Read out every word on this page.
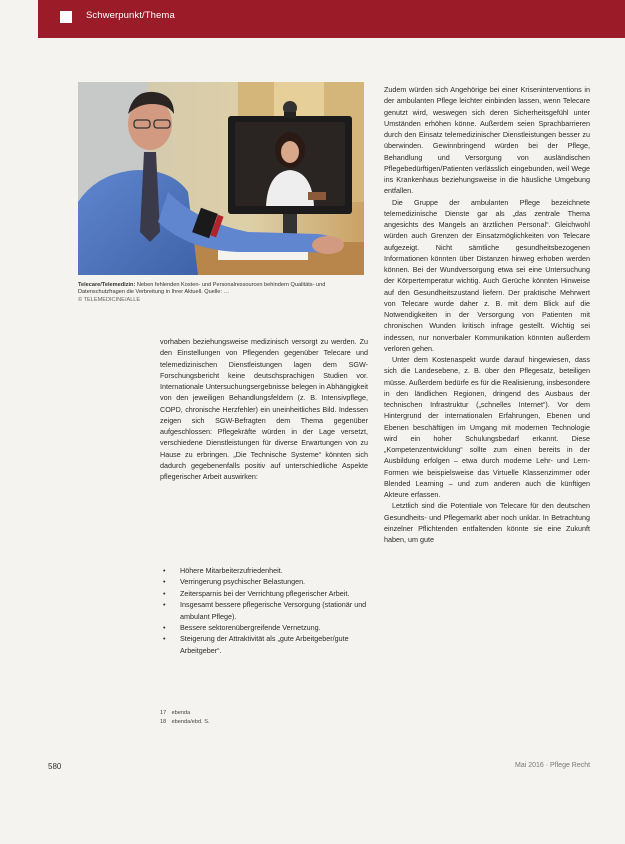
Schwerpunkt/Thema
Telecare/Telemedizin: Neben fehlenden Kosten- und Personalressourcen behindern Qualitäts- und Datenschutzfragen die Verbreitung in Ihrer Aktuell. Quelle: …
© TELEMEDICINE/ALLE

vorhaben beziehungsweise medizinisch versorgt zu werden. Zu den Einstellungen von Pflegenden gegenüber Telecare und telemedizinischen Dienstleistungen lagen dem SGW-Forschungsbericht keine deutschsprachigen Studien vor. Internationale Untersuchungsergebnisse belegen in Abhängigkeit von den jeweiligen Behandlungsfeldern (z. B. Intensivpflege, COPD, chronische Herzfehler) ein uneinheitliches Bild. Indessen zeigen sich SGW-Befragten dem Thema gegenüber aufgeschlossen: Pflegekräfte würden in der Lage versetzt, verschiedene Dienstleistungen für diverse Erwartungen von zu Hause zu erbringen. „Die Technische Systeme“ könnten sich dadurch gegebenenfalls positiv auf unterschiedliche Aspekte pflegerischer Arbeit auswirken:

• Höhere Mitarbeiterzufriedenheit.
• Verringerung psychischer Belastungen.
• Zeitersparnis bei der Verrichtung pflegerischer Arbeit.
• Insgesamt bessere pflegerische Versorgung (stationär und ambulant Pflege).
• Bessere sektorenübergreifende Vernetzung.
• Steigerung der Attraktivität als „gute Arbeitgeber/gute Arbeitgeber“.
17 ebenda
18 ebenda/ebd. S.

Zudem würden sich Angehörige bei einer Kriseninterventions in der ambulanten Pflege leichter einbinden lassen, wenn Telecare genutzt wird, weswegen sich deren Sicherheitsgefühl unter Umständen erhöhen könne. Außerdem seien Sprachbarrieren durch den Einsatz telemedizinischer Dienstleistungen besser zu überwinden. Gewinnbringend würden bei der Pflege, Behandlung und Versorgung von ausländischen Pflegebedürftigen/Patienten verlässlich eingebunden, weil Wege ins Krankenhaus beziehungsweise in die häusliche Umgebung entfallen.

Die Gruppe der ambulanten Pflege bezeichnete telemedizinische Dienste gar als „das zentrale Thema angesichts des Mangels an ärztlichen Personal“. Gleichwohl würden auch Grenzen der Einsatzmöglichkeiten von Telecare aufgezeigt. Nicht sämtliche gesundheitsbezogenen Informationen könnten über Distanzen hinweg erhoben werden können. Bei der Wundversorgung etwa sei eine Untersuchung der Körpertemperatur wichtig. Auch Gerüche könnten Hinweise auf den Gesundheitszustand liefern. Der praktische Mehrwert von Telecare wurde daher z. B. mit dem Blick auf die Notwendigkeiten in der Versorgung von Patienten mit chronischen Wunden kritisch infrage gestellt. Wichtig sei indessen, nur nonverbaler Kommunikation könnten außerdem verloren gehen.

Unter dem Kostenaspekt wurde darauf hingewiesen, dass sich die Landesebene, z. B. über den Pflegesatz, beteiligen müsse. Außerdem bedürfe es für die Realisierung, insbesondere in den ländlichen Regionen, dringend des Ausbaus der technischen Infrastruktur („schnelles Internet“). Vor dem Hintergrund der internationalen Erfahrungen, Ebenen und Ebenen beschäftigen im Umgang mit modernen Technologie wird ein hoher Schulungsbedarf erkannt. Diese „Kompetenzentwicklung“ sollte zum einen bereits in der Ausbildung erfolgen – etwa durch moderne Lehr- und Lern-Formen wie beispielsweise das Virtuelle Klassenzimmer oder Blended Learning – und zum anderen auch die künftigen Akteure erfassen.

Letztlich sind die Potentiale von Telecare für den deutschen Gesundheits- und Pflegemarkt aber noch unklar. In Betrachtung einzelner Pflichtenden entfaltenden könnte sie eine Zukunft haben, um gute

580	Mai 2016 · Pflege Recht
